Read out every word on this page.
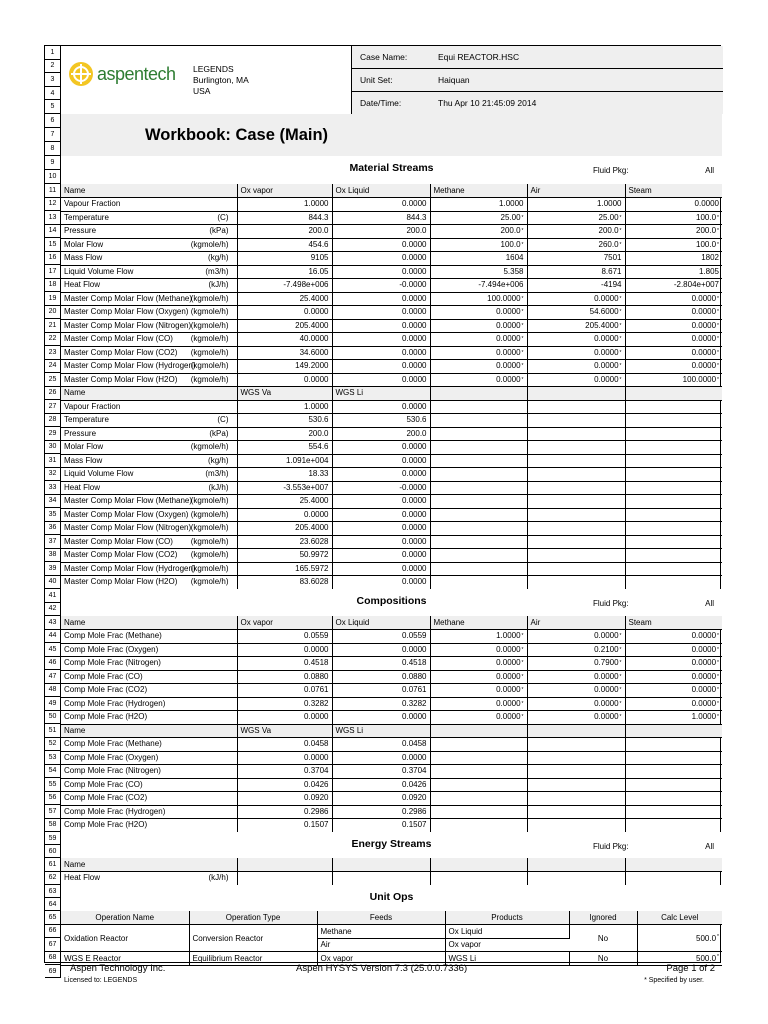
1
2
3
4
5
6
7
8
9
10
11
12
13
14
15
16
17
18
19
20
21
22
23
24
25
26
27
28
29
30
31
32
33
34
35
36
37
38
39
40
41
42
43
44
45
46
47
48
49
50
51
52
53
54
55
56
57
58
59
60
61
62
63
64
65
66
67
68
69
aspentech LEGENDS
Burlington, MA
USA
Case Name:	Equi REACTOR.HSC
Unit Set:	Haiquan
Date/Time:	Thu Apr 10 21:45:09 2014
Workbook: Case (Main)
Material Streams	Fluid Pkg:	All
Name	Ox vapor	Ox Liquid	Methane	Air	Steam
Vapour Fraction	1.0000	0.0000	1.0000	1.0000	0.0000
Temperature (C)	844.3	844.3	25.00*	25.00*	100.0*
Pressure (kPa)	200.0	200.0	200.0*	200.0*	200.0*
Molar Flow (kgmole/h)	454.6	0.0000	100.0*	260.0*	100.0*
Mass Flow (kg/h)	9105	0.0000	1604	7501	1802
Liquid Volume Flow (m3/h)	16.05	0.0000	5.358	8.671	1.805
Heat Flow (kJ/h)	-7.498e+006	-0.0000	-7.494e+006	-4194	-2.804e+007
Master Comp Molar Flow (Methane)
(kgmole/h)	25.4000	0.0000	100.0000*	0.0000*	0.0000*
Master Comp Molar Flow (Oxygen) (kgmole/h)	0.0000	0.0000	0.0000*	54.6000*	0.0000*
Master Comp Molar Flow (Nitrogen) (kgmole/h)	205.4000	0.0000	0.0000*	205.4000*	0.0000*
Master Comp Molar Flow (CO) (kgmole/h)	40.0000	0.0000	0.0000*	0.0000*	0.0000*
Master Comp Molar Flow (CO2) (kgmole/h)	34.6000	0.0000	0.0000*	0.0000*	0.0000*
Master Comp Molar Flow (Hydrogen)
(kgmole/h)	149.2000	0.0000	0.0000*	0.0000*	0.0000*
Master Comp Molar Flow (H2O) (kgmole/h)	0.0000	0.0000	0.0000*	0.0000*	100.0000*
Name	WGS Va	WGS Li			
Vapour Fraction	1.0000	0.0000			
Temperature (C)	530.6	530.6			
Pressure (kPa)	200.0	200.0			
Molar Flow (kgmole/h)	554.6	0.0000			
Mass Flow (kg/h)	1.091e+004	0.0000			
Liquid Volume Flow (m3/h)	18.33	0.0000			
Heat Flow (kJ/h)	-3.553e+007	-0.0000			
Master Comp Molar Flow (Methane)
(kgmole/h)	25.4000	0.0000			
Master Comp Molar Flow (Oxygen) (kgmole/h)	0.0000	0.0000			
Master Comp Molar Flow (Nitrogen) (kgmole/h)	205.4000	0.0000			
Master Comp Molar Flow (CO) (kgmole/h)	23.6028	0.0000			
Master Comp Molar Flow (CO2) (kgmole/h)	50.9972	0.0000			
Master Comp Molar Flow (Hydrogen)
(kgmole/h)	165.5972	0.0000			
Master Comp Molar Flow (H2O) (kgmole/h)	83.6028	0.0000			
Compositions	Fluid Pkg:	All
Name	Ox vapor	Ox Liquid	Methane	Air	Steam
Comp Mole Frac (Methane)	0.0559	0.0559	1.0000*	0.0000*	0.0000*
Comp Mole Frac (Oxygen)	0.0000	0.0000	0.0000*	0.2100*	0.0000*
Comp Mole Frac (Nitrogen)	0.4518	0.4518	0.0000*	0.7900*	0.0000*
Comp Mole Frac (CO)	0.0880	0.0880	0.0000*	0.0000*	0.0000*
Comp Mole Frac (CO2)	0.0761	0.0761	0.0000*	0.0000*	0.0000*
Comp Mole Frac (Hydrogen)	0.3282	0.3282	0.0000*	0.0000*	0.0000*
Comp Mole Frac (H2O)	0.0000	0.0000	0.0000*	0.0000*	1.0000*
Name	WGS Va	WGS Li			
Comp Mole Frac (Methane)	0.0458	0.0458			
Comp Mole Frac (Oxygen)	0.0000	0.0000			
Comp Mole Frac (Nitrogen)	0.3704	0.3704			
Comp Mole Frac (CO)	0.0426	0.0426			
Comp Mole Frac (CO2)	0.0920	0.0920			
Comp Mole Frac (Hydrogen)	0.2986	0.2986			
Comp Mole Frac (H2O)	0.1507	0.1507			
Energy Streams	Fluid Pkg:	All
Name					
Heat Flow (kJ/h)					

Unit Ops
Operation Name	Operation Type	Feeds	Products	Ignored	Calc Level
Oxidation Reactor	Conversion Reactor	Methane	Ox Liquid	No	500.0*
		Air	Ox vapor		
WGS E Reactor	Equilibrium Reactor	Ox vapor	WGS Li	No	500.0*
Aspen Technology Inc.	Aspen HYSYS Version 7.3 (25.0.0.7336)	Page 1 of 2
Licensed to: LEGENDS	* Specified by user.
